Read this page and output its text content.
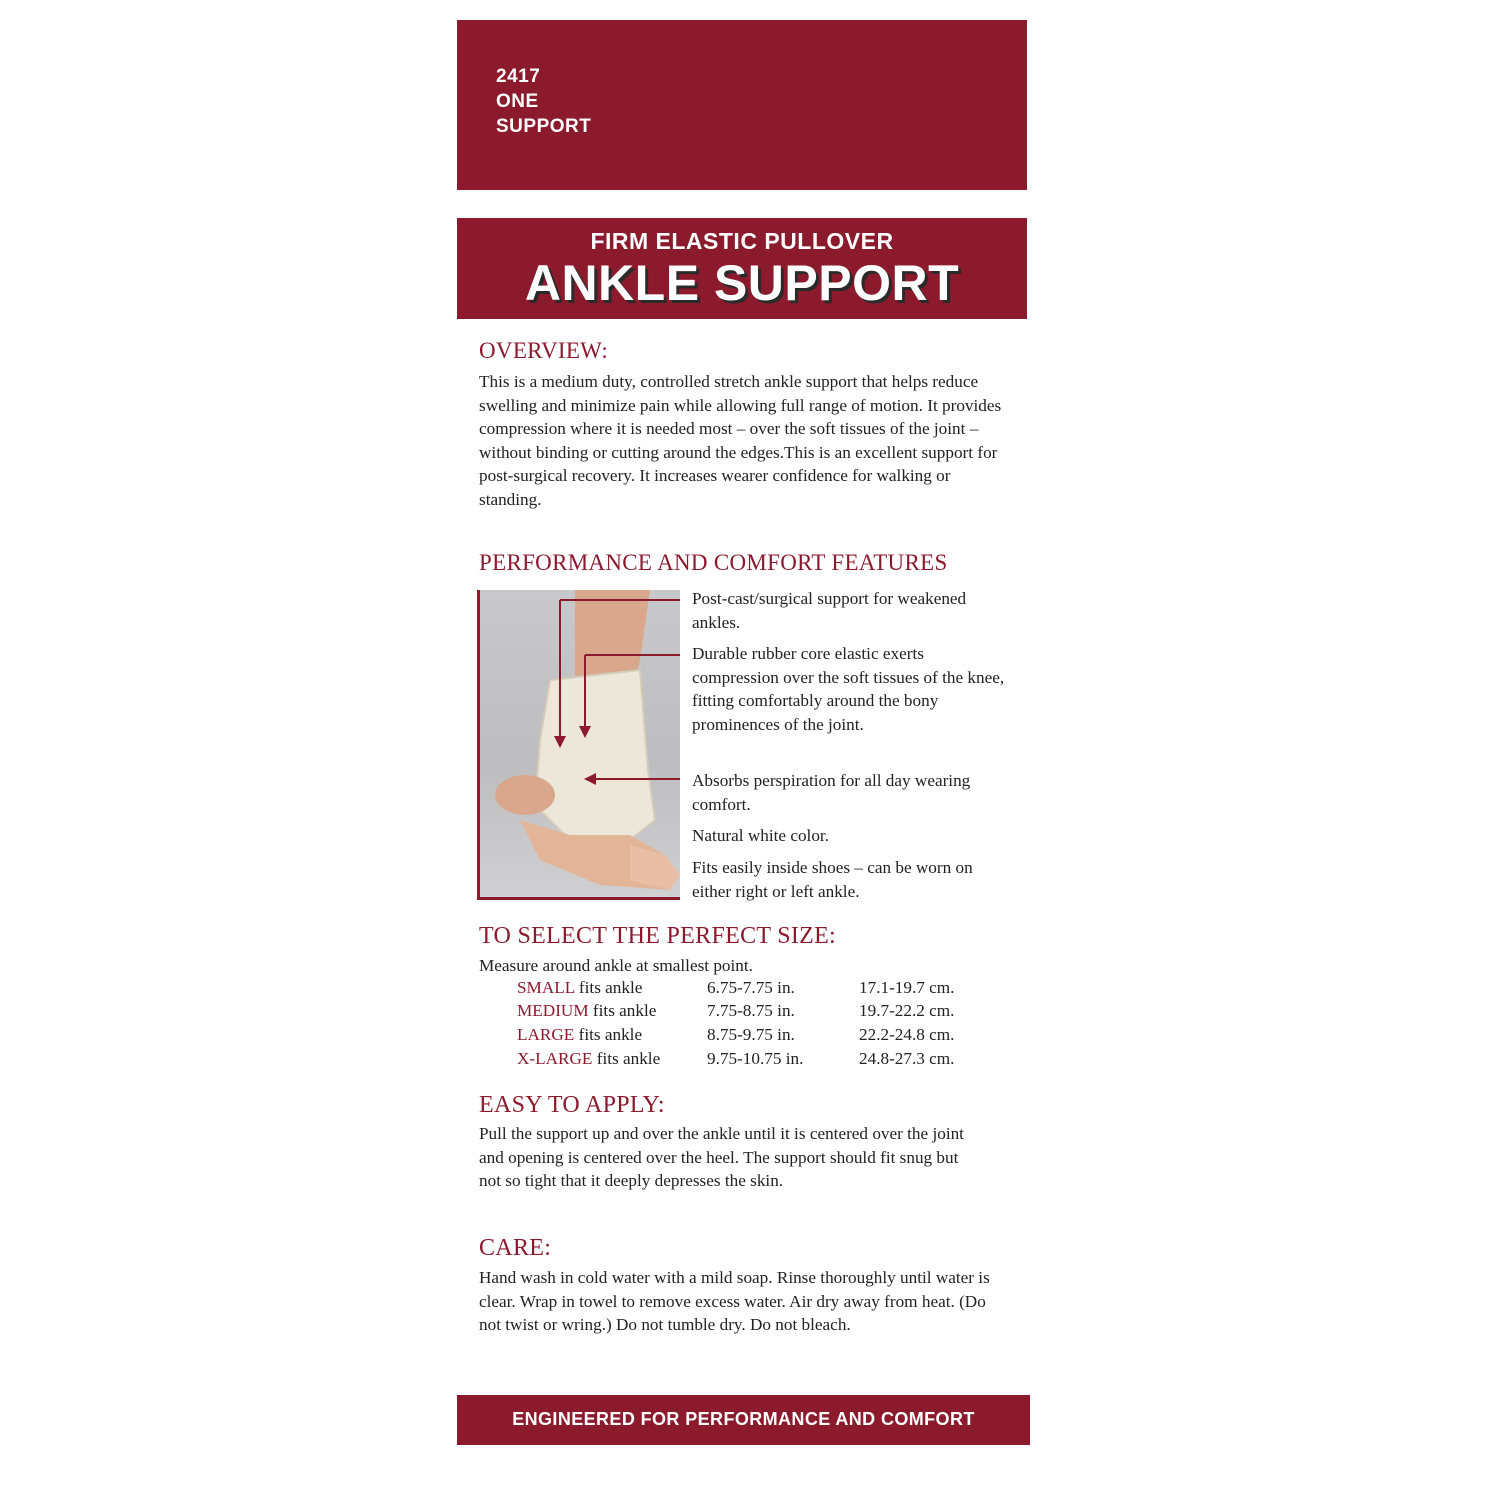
2417
ONE
SUPPORT
FIRM ELASTIC PULLOVER
ANKLE SUPPORT
OVERVIEW:
This is a medium duty, controlled stretch ankle support that helps reduce swelling and minimize pain while allowing full range of motion. It provides compression where it is needed most – over the soft tissues of the joint – without binding or cutting around the edges.This is an excellent support for post-surgical recovery. It increases wearer confidence for walking or standing.
PERFORMANCE AND COMFORT FEATURES
Post-cast/surgical support for weakened ankles.
Durable rubber core elastic exerts compression over the soft tissues of the knee, fitting comfortably around the bony prominences of the joint.
Absorbs perspiration for all day wearing comfort.
Natural white color.
Fits easily inside shoes – can be worn on either right or left ankle.
TO SELECT THE PERFECT SIZE:
Measure around ankle at smallest point.
SMALL fits ankle	6.75-7.75 in.	17.1-19.7 cm.
MEDIUM fits ankle	7.75-8.75 in.	19.7-22.2 cm.
LARGE fits ankle	8.75-9.75 in.	22.2-24.8 cm.
X-LARGE fits ankle	9.75-10.75 in.	24.8-27.3 cm.
EASY TO APPLY:
Pull the support up and over the ankle until it is centered over the joint and opening is centered over the heel. The support should fit snug but not so tight that it deeply depresses the skin.
CARE:
Hand wash in cold water with a mild soap. Rinse thoroughly until water is clear. Wrap in towel to remove excess water. Air dry away from heat. (Do not twist or wring.) Do not tumble dry. Do not bleach.
ENGINEERED FOR PERFORMANCE AND COMFORT
